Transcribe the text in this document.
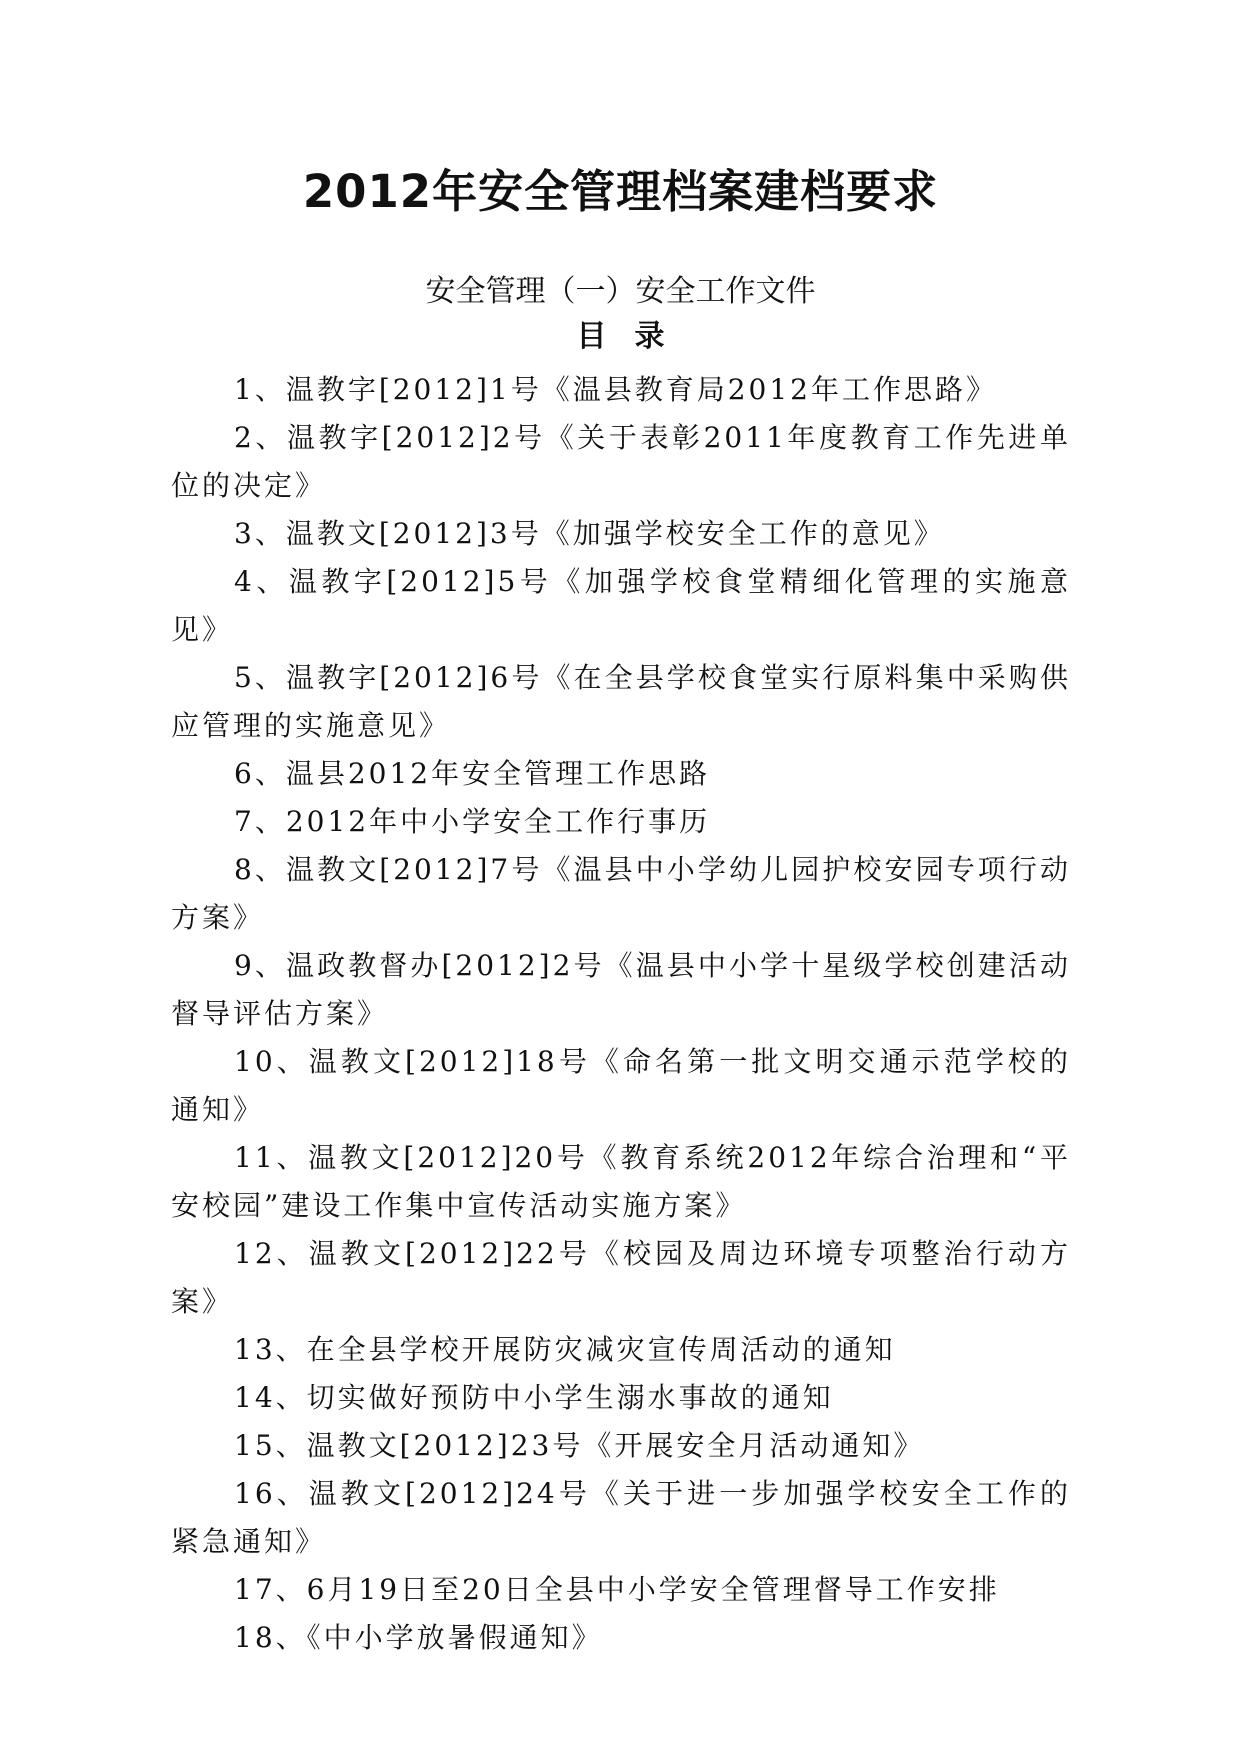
2012年安全管理档案建档要求
安全管理（一）安全工作文件
目录
1、温教字[2012]1号《温县教育局2012年工作思路》
2、温教字[2012]2号《关于表彰2011年度教育工作先进单位的决定》
3、温教文[2012]3号《加强学校安全工作的意见》
4、温教字[2012]5号《加强学校食堂精细化管理的实施意见》
5、温教字[2012]6号《在全县学校食堂实行原料集中采购供应管理的实施意见》
6、温县2012年安全管理工作思路
7、2012年中小学安全工作行事历
8、温教文[2012]7号《温县中小学幼儿园护校安园专项行动方案》
9、温政教督办[2012]2号《温县中小学十星级学校创建活动督导评估方案》
10、温教文[2012]18号《命名第一批文明交通示范学校的通知》
11、温教文[2012]20号《教育系统2012年综合治理和“平安校园”建设工作集中宣传活动实施方案》
12、温教文[2012]22号《校园及周边环境专项整治行动方案》
13、在全县学校开展防灾减灾宣传周活动的通知
14、切实做好预防中小学生溺水事故的通知
15、温教文[2012]23号《开展安全月活动通知》
16、温教文[2012]24号《关于进一步加强学校安全工作的紧急通知》
17、6月19日至20日全县中小学安全管理督导工作安排
18、《中小学放暑假通知》
